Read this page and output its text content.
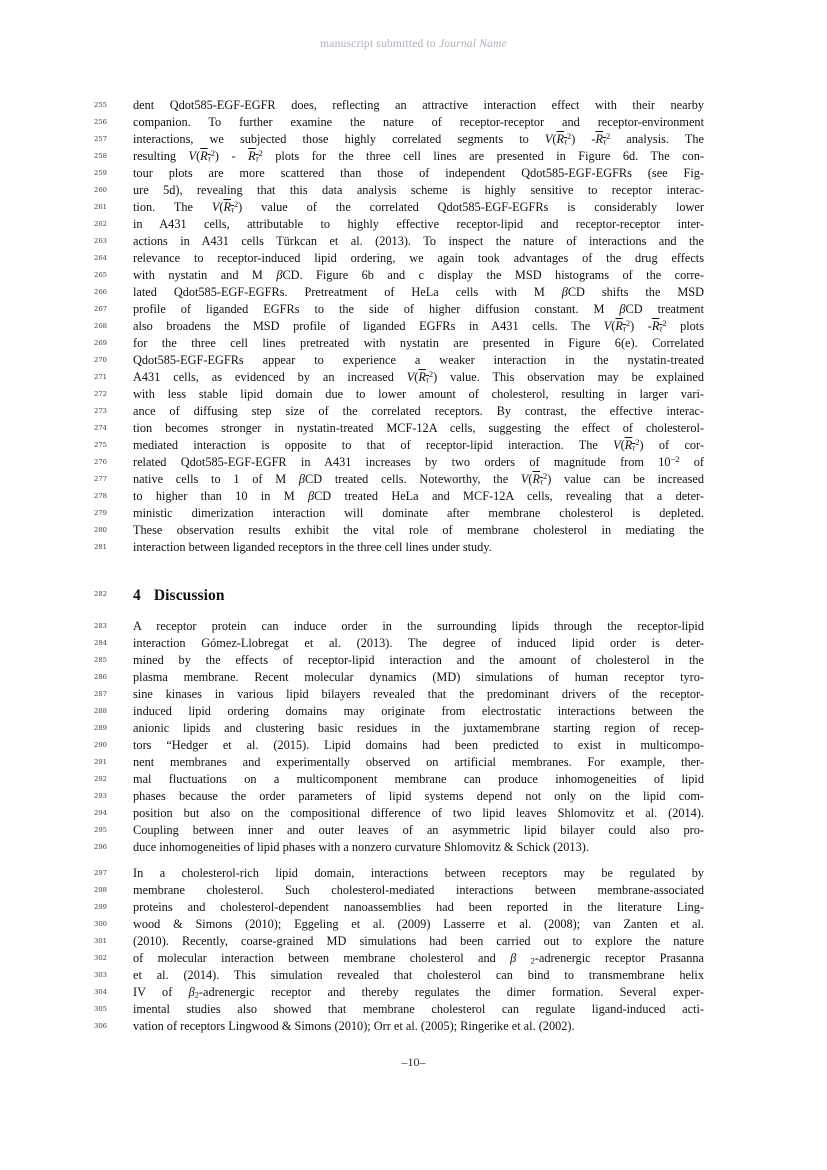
manuscript submitted to Journal Name
255 dent Qdot585-EGF-EGFR does, reflecting an attractive interaction effect with their nearby
256 companion. To further examine the nature of receptor-receptor and receptor-environment
257 interactions, we subjected those highly correlated segments to $V(R_\tau^2)$ $-R_\tau^2$ analysis. The
258 resulting $V(R_\tau^2) - R_\tau^2$ plots for the three cell lines are presented in Figure 6d. The con-
259 tour plots are more scattered than those of independent Qdot585-EGF-EGFRs (see Fig-
260 ure 5d), revealing that this data analysis scheme is highly sensitive to receptor interac-
261 tion. The $V(R_\tau^2)$ value of the correlated Qdot585-EGF-EGFRs is considerably lower
262 in A431 cells, attributable to highly effective receptor-lipid and receptor-receptor inter-
263 actions in A431 cells Türkcan et al. (2013). To inspect the nature of interactions and the
264 relevance to receptor-induced lipid ordering, we again took advantages of the drug effects
265 with nystatin and M βCD. Figure 6b and c display the MSD histograms of the corre-
266 lated Qdot585-EGF-EGFRs. Pretreatment of HeLa cells with M βCD shifts the MSD
267 profile of liganded EGFRs to the side of higher diffusion constant. M βCD treatment
268 also broadens the MSD profile of liganded EGFRs in A431 cells. The $V(R_\tau^2)$ $-R_\tau^2$ plots
269 for the three cell lines pretreated with nystatin are presented in Figure 6(e). Correlated
270 Qdot585-EGF-EGFRs appear to experience a weaker interaction in the nystatin-treated
271 A431 cells, as evidenced by an increased $V(R_\tau^2)$ value. This observation may be explained
272 with less stable lipid domain due to lower amount of cholesterol, resulting in larger vari-
273 ance of diffusing step size of the correlated receptors. By contrast, the effective interac-
274 tion becomes stronger in nystatin-treated MCF-12A cells, suggesting the effect of cholesterol-
275 mediated interaction is opposite to that of receptor-lipid interaction. The $V(R_\tau^2)$ of cor-
276 related Qdot585-EGF-EGFR in A431 increases by two orders of magnitude from $10^{-2}$ of
277 native cells to 1 of M βCD treated cells. Noteworthy, the $V(R_\tau^2)$ value can be increased
278 to higher than 10 in M βCD treated HeLa and MCF-12A cells, revealing that a deter-
279 ministic dimerization interaction will dominate after membrane cholesterol is depleted.
280 These observation results exhibit the vital role of membrane cholesterol in mediating the
281 interaction between liganded receptors in the three cell lines under study.
282 4 Discussion
283 A receptor protein can induce order in the surrounding lipids through the receptor-lipid
284 interaction Gómez-Llobregat et al. (2013). The degree of induced lipid order is deter-
285 mined by the effects of receptor-lipid interaction and the amount of cholesterol in the
286 plasma membrane. Recent molecular dynamics (MD) simulations of human receptor tyro-
287 sine kinases in various lipid bilayers revealed that the predominant drivers of the receptor-
288 induced lipid ordering domains may originate from electrostatic interactions between the
289 anionic lipids and clustering basic residues in the juxtamembrane starting region of recep-
290 tors “Hedger et al. (2015). Lipid domains had been predicted to exist in multicompo-
291 nent membranes and experimentally observed on artificial membranes. For example, ther-
292 mal fluctuations on a multicomponent membrane can produce inhomogeneities of lipid
293 phases because the order parameters of lipid systems depend not only on the lipid com-
294 position but also on the compositional difference of two lipid leaves Shlomovitz et al. (2014).
295 Coupling between inner and outer leaves of an asymmetric lipid bilayer could also pro-
296 duce inhomogeneities of lipid phases with a nonzero curvature Shlomovitz & Schick (2013).
297 In a cholesterol-rich lipid domain, interactions between receptors may be regulated by
298 membrane cholesterol. Such cholesterol-mediated interactions between membrane-associated
299 proteins and cholesterol-dependent nanoassemblies had been reported in the literature Ling-
300 wood & Simons (2010); Eggeling et al. (2009) Lasserre et al. (2008); van Zanten et al.
301 (2010). Recently, coarse-grained MD simulations had been carried out to explore the nature
302 of molecular interaction between membrane cholesterol and β $_2$-adrenergic receptor Prasanna
303 et al. (2014). This simulation revealed that cholesterol can bind to transmembrane helix
304 IV of $\beta_2$-adrenergic receptor and thereby regulates the dimer formation. Several exper-
305 imental studies also showed that membrane cholesterol can regulate ligand-induced acti-
306 vation of receptors Lingwood & Simons (2010); Orr et al. (2005); Ringerike et al. (2002).
–10–
